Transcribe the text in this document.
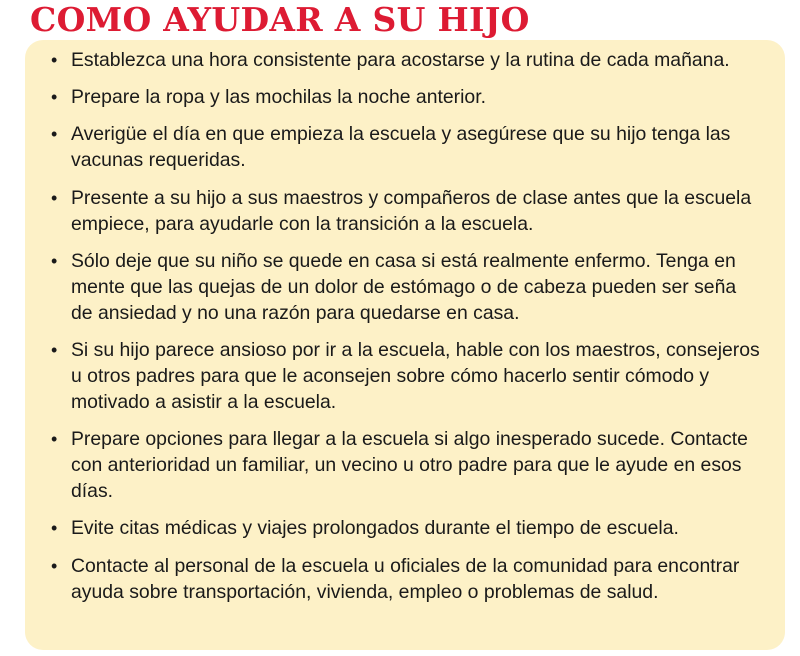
COMO AYUDAR A SU HIJO
• Establezca una hora consistente para acostarse y la rutina de cada mañana.
• Prepare la ropa y las mochilas la noche anterior.
• Averigüe el día en que empieza la escuela y asegúrese que su hijo tenga las vacunas requeridas.
• Presente a su hijo a sus maestros y compañeros de clase antes que la escuela empiece, para ayudarle con la transición a la escuela.
• Sólo deje que su niño se quede en casa si está realmente enfermo. Tenga en mente que las quejas de un dolor de estómago o de cabeza pueden ser seña de ansiedad y no una razón para quedarse en casa.
• Si su hijo parece ansioso por ir a la escuela, hable con los maestros, consejeros u otros padres para que le aconsejen sobre cómo hacerlo sentir cómodo y motivado a asistir a la escuela.
• Prepare opciones para llegar a la escuela si algo inesperado sucede. Contacte con anterioridad un familiar, un vecino u otro padre para que le ayude en esos días.
• Evite citas médicas y viajes prolongados durante el tiempo de escuela.
• Contacte al personal de la escuela u oficiales de la comunidad para encontrar ayuda sobre transportación, vivienda, empleo o problemas de salud.
